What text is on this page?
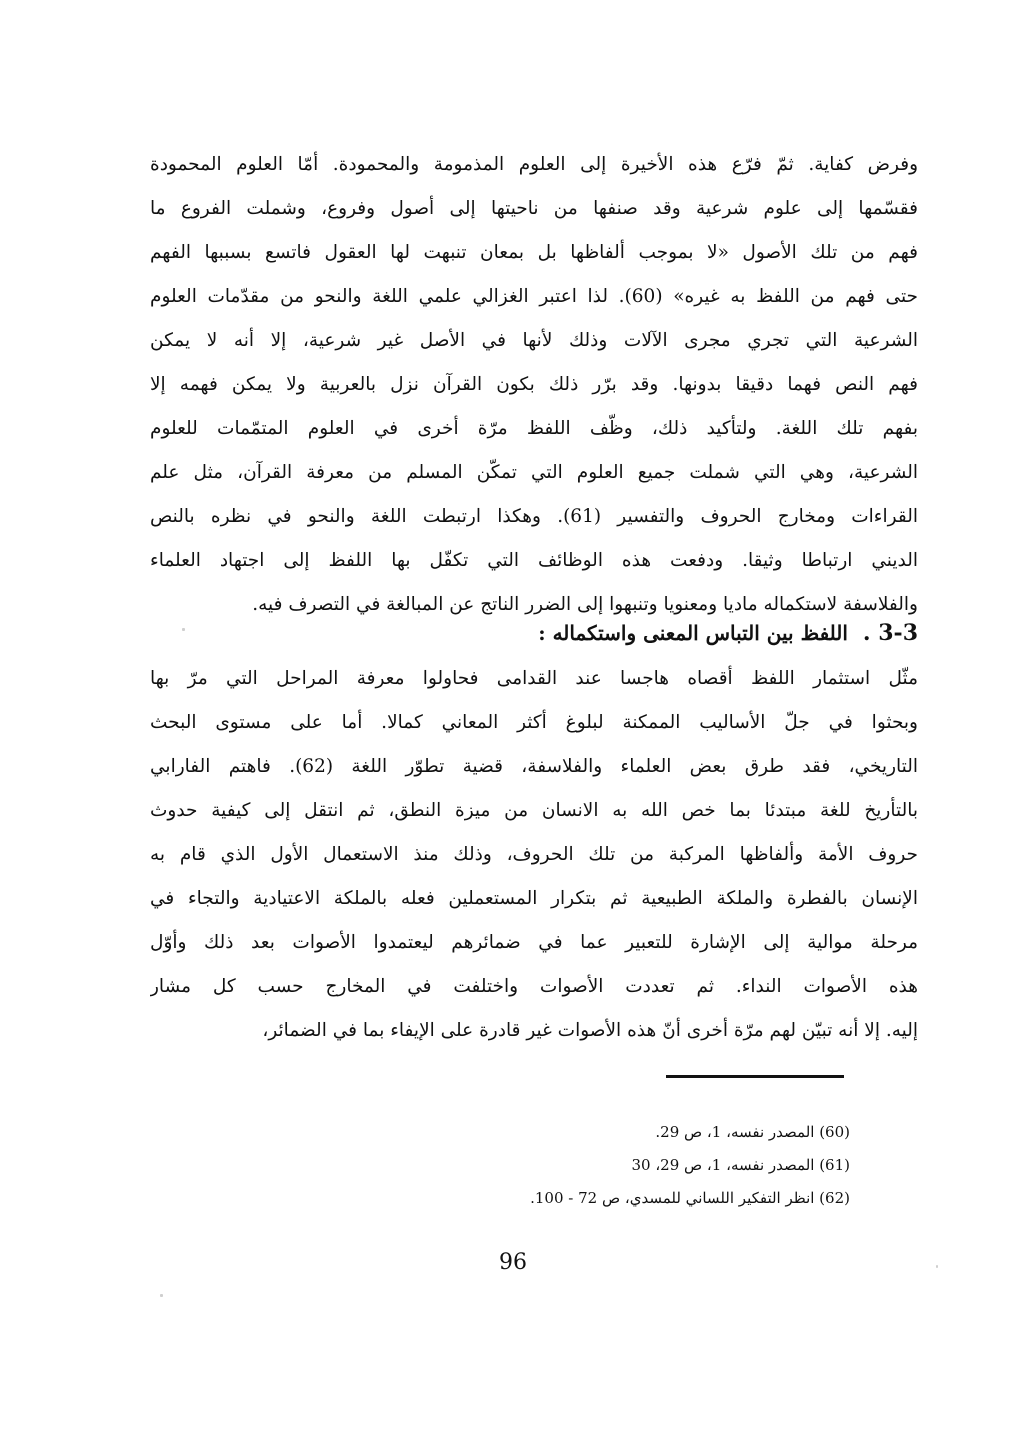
وفرض كفاية. ثمّ فرّع هذه الأخيرة إلى العلوم المذمومة والمحمودة. أمّا العلوم المحمودة
فقسّمها إلى علوم شرعية وقد صنفها من ناحيتها إلى أصول وفروع، وشملت الفروع ما
فهم من تلك الأصول «لا بموجب ألفاظها بل بمعان تنبهت لها العقول فاتسع بسببها الفهم
حتى فهم من اللفظ به غيره» (60). لذا اعتبر الغزالي علمي اللغة والنحو من مقدّمات العلوم
الشرعية التي تجري مجرى الآلات وذلك لأنها في الأصل غير شرعية، إلا أنه لا يمكن
فهم النص فهما دقيقا بدونها. وقد برّر ذلك بكون القرآن نزل بالعربية ولا يمكن فهمه إلا
بفهم تلك اللغة. ولتأكيد ذلك، وظّف اللفظ مرّة أخرى في العلوم المتمّمات للعلوم
الشرعية، وهي التي شملت جميع العلوم التي تمكّن المسلم من معرفة القرآن، مثل علم
القراءات ومخارج الحروف والتفسير (61). وهكذا ارتبطت اللغة والنحو في نظره بالنص
الديني ارتباطا وثيقا. ودفعت هذه الوظائف التي تكفّل بها اللفظ إلى اجتهاد العلماء
والفلاسفة لاستكماله ماديا ومعنويا وتنبهوا إلى الضرر الناتج عن المبالغة في التصرف فيه.
3-3 . اللفظ بين التباس المعنى واستكماله :
مثّل استثمار اللفظ أقصاه هاجسا عند القدامى فحاولوا معرفة المراحل التي مرّ بها
وبحثوا في جلّ الأساليب الممكنة لبلوغ أكثر المعاني كمالا. أما على مستوى البحث
التاريخي، فقد طرق بعض العلماء والفلاسفة، قضية تطوّر اللغة (62). فاهتم الفارابي
بالتأريخ للغة مبتدئا بما خص الله به الانسان من ميزة النطق، ثم انتقل إلى كيفية حدوث
حروف الأمة وألفاظها المركبة من تلك الحروف، وذلك منذ الاستعمال الأول الذي قام به
الإنسان بالفطرة والملكة الطبيعية ثم بتكرار المستعملين فعله بالملكة الاعتيادية والتجاء في
مرحلة موالية إلى الإشارة للتعبير عما في ضمائرهم ليعتمدوا الأصوات بعد ذلك وأوّل
هذه الأصوات النداء. ثم تعددت الأصوات واختلفت في المخارج حسب كل مشار
إليه. إلا أنه تبيّن لهم مرّة أخرى أنّ هذه الأصوات غير قادرة على الإيفاء بما في الضمائر،
(60) المصدر نفسه، 1، ص 29.
(61) المصدر نفسه، 1، ص 29، 30
(62) انظر التفكير اللساني للمسدي، ص 72 - 100.
96
